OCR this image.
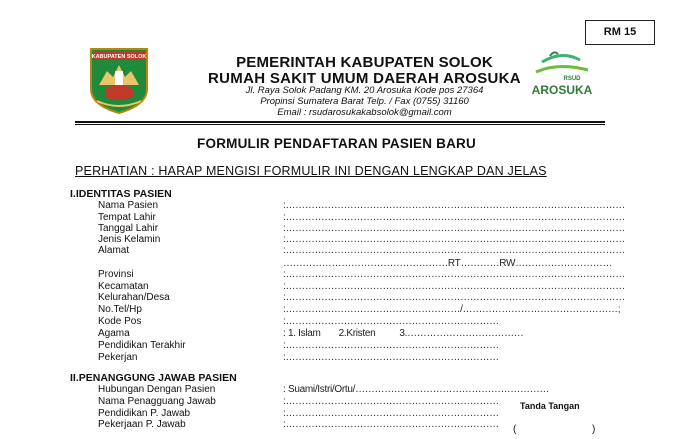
RM 15
KABUPATEN SOLOK
RSUD
AROSUKA
PEMERINTAH KABUPATEN SOLOK
RUMAH SAKIT UMUM DAERAH AROSUKA
Jl. Raya Solok Padang KM. 20 Arosuka Kode pos 27364
Propinsi Sumatera Barat Telp. / Fax (0755) 31160
Email : rsudarosukakabsolok@gmail.com
FORMULIR PENDAFTARAN PASIEN BARU
PERHATIAN : HARAP MENGISI FORMULIR INI DENGAN LENGKAP DAN JELAS
I.IDENTITAS PASIEN
Nama Pasien	:……………………………………………………………………………………………
Tempat Lahir	:……………………………………………………………………………………………
Tanggal Lahir	:……………………………………………………………………………………………
Jenis Kelamin	:……………………………………………………………………………………………
Alamat	:……………………………………………………………………………………………
……………………………………………RT…………RW…………………………
Provinsi	:……………………………………………………………………………………………
Kecamatan	:……………………………………………………………………………………………
Kelurahan/Desa	:……………………………………………………………………………………………
No.Tel/Hp	:………………………………………………/…………………………………………;
Kode Pos	:…………………………………………………………
Agama	: 1. Islam 2.Kristen 3.………………………………
Pendidikan Terakhir	:…………………………………………………………
Pekerjan	:…………………………………………………………
II.PENANGGUNG JAWAB PASIEN
Hubungan Dengan Pasien	: Suami/Istri/Ortu/……………………………………………………
Nama Penagguang Jawab	:…………………………………………………………
Pendidikan P. Jawab	:…………………………………………………………
Pekerjaan P. Jawab	:…………………………………………………………
Tanda Tangan
(	)
